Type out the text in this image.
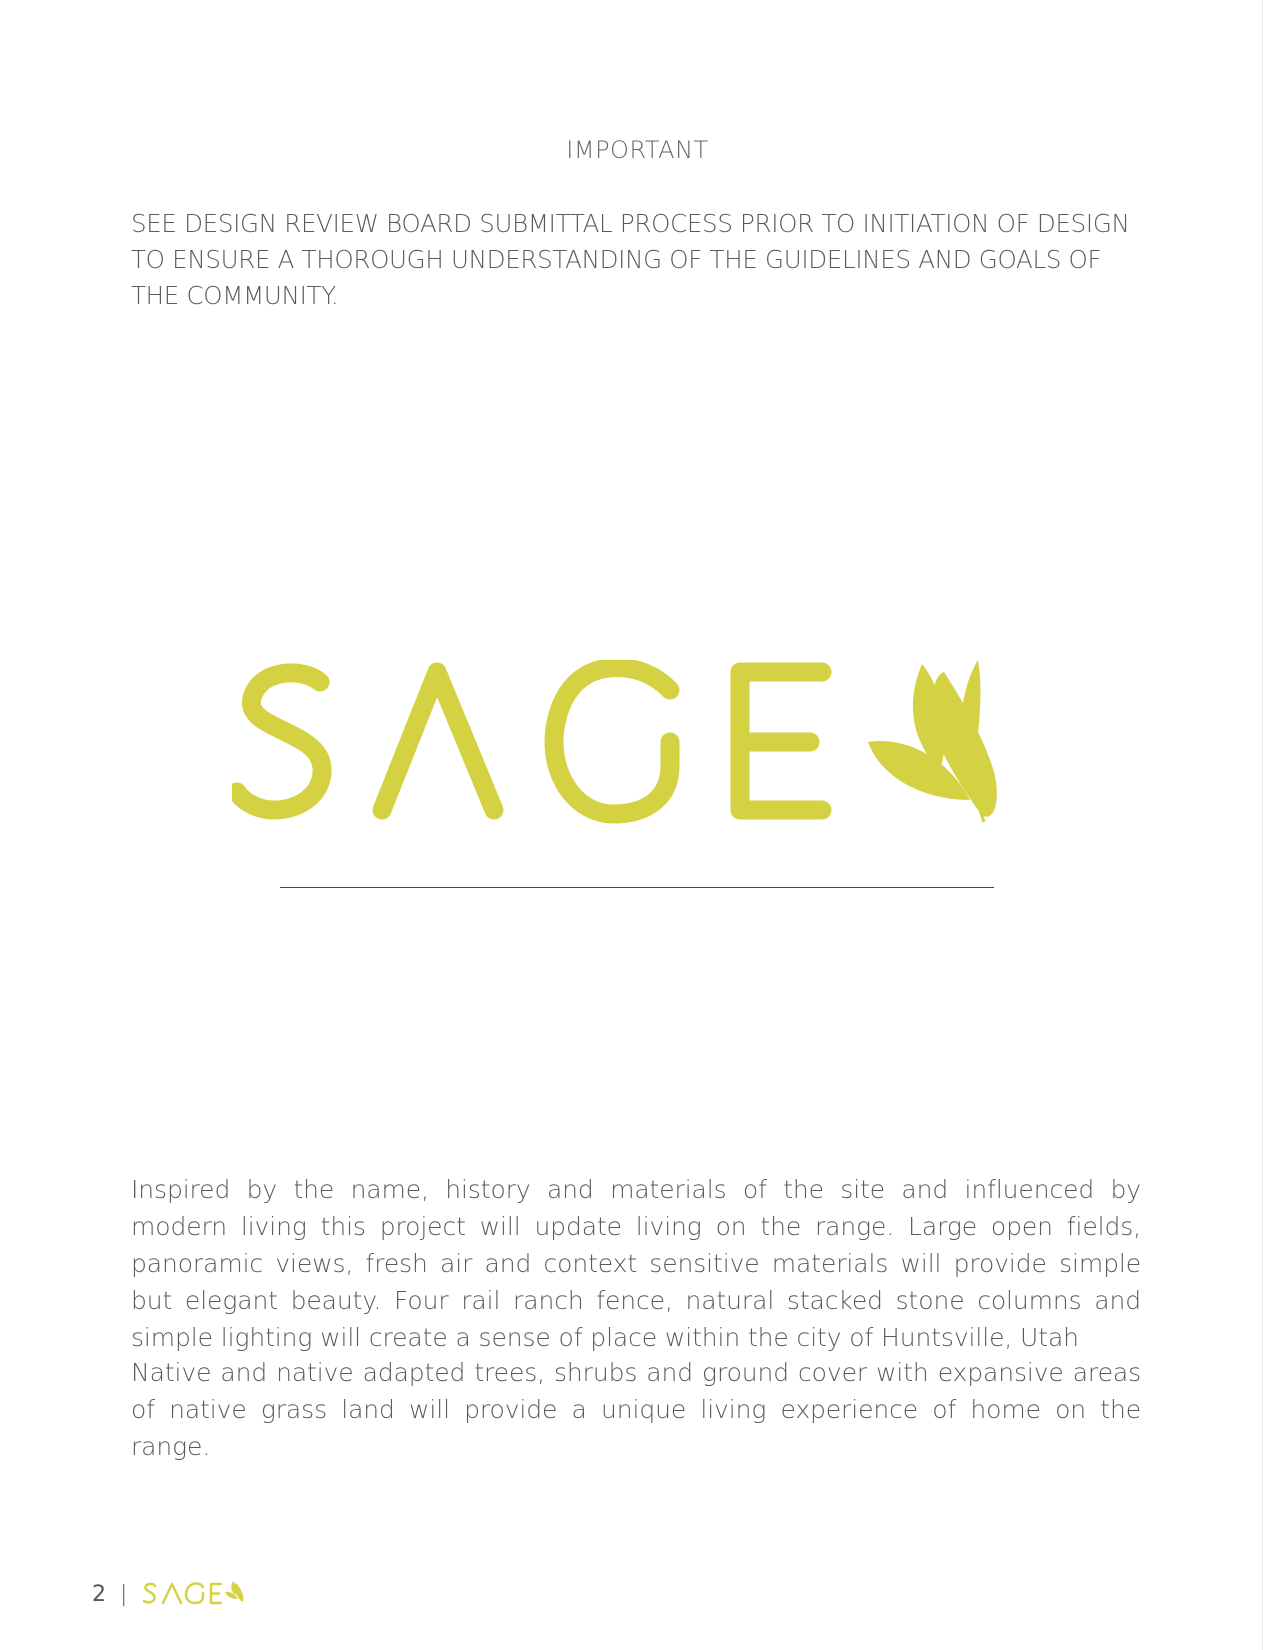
IMPORTANT

SEE DESIGN REVIEW BOARD SUBMITTAL PROCESS PRIOR TO INITIATION OF DESIGN TO ENSURE A THOROUGH UNDERSTANDING OF THE GUIDELINES AND GOALS OF THE COMMUNITY.

Inspired by the name, history and materials of the site and influenced by modern living this project will update living on the range. Large open fields, panoramic views, fresh air and context sensitive materials will provide simple but elegant beauty. Four rail ranch fence, natural stacked stone columns and simple lighting will create a sense of place within the city of Huntsville, Utah

Native and native adapted trees, shrubs and ground cover with expansive areas of native grass land will provide a unique living experience of home on the range.

2 |
